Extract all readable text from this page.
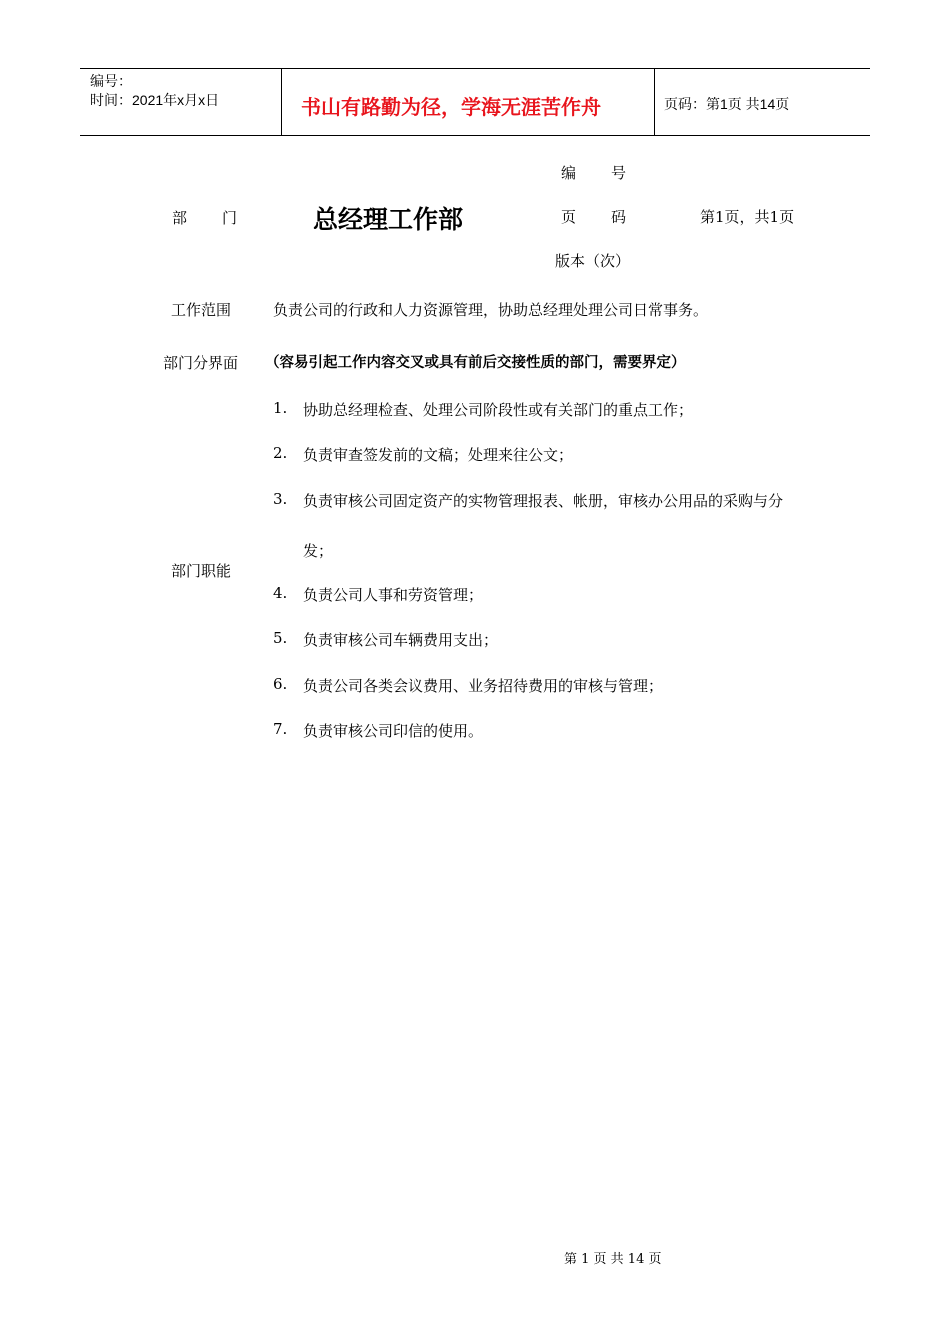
编号：
时间：2021年x月x日	书山有路勤为径，学海无涯苦作舟	页码：第1页 共14页
部 门	总经理工作部
编 号
页 码	第1页，共1页
版本（次）
工作范围	负责公司的行政和人力资源管理，协助总经理处理公司日常事务。
部门分界面 （容易引起工作内容交叉或具有前后交接性质的部门，需要界定）
部门职能
1. 协助总经理检查、处理公司阶段性或有关部门的重点工作；
2. 负责审查签发前的文稿；处理来往公文；
3. 负责审核公司固定资产的实物管理报表、帐册，审核办公用品的采购与分
发；
4. 负责公司人事和劳资管理；
5. 负责审核公司车辆费用支出；
6. 负责公司各类会议费用、业务招待费用的审核与管理；
7. 负责审核公司印信的使用。
第 1 页 共 14 页
